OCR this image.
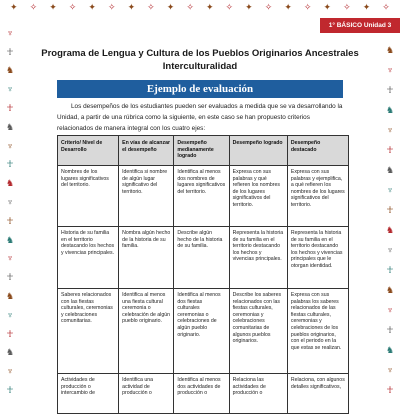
✦ ✧ ✦ ✧ ✦ ✧ ✦ ✧ ✦ ✧ ✦ ✧ ✦ ✧ ✦ ✧ ✦ ✧ ✦ ✧
1° BÁSICO Unidad 3
♆
☥
♞
♆
☥
♞
♆
☥
♞
♆
☥
♞
♆
☥
♞
♆
☥
♞
♆
☥
♞
♆
☥
♞
♆
☥
♞
♆
☥
♞
♆
☥
♞
♆
☥
♞
♆
☥
Programa de Lengua y Cultura de los Pueblos Originarios Ancestrales
Interculturalidad
Ejemplo de evaluación
Los desempeños de los estudiantes pueden ser evaluados a medida que se va desarrollando la Unidad, a partir de una rúbrica como la siguiente, en este caso se han propuesto criterios relacionados de manera integral con los cuatro ejes:
Criterio/ Nivel de Desarrollo	En vías de alcanzar el desempeño	Desempeño medianamente logrado	Desempeño logrado	Desempeño destacado
Nombres de los lugares significativos del territorio.	Identifica si nombre de algún lugar significativo del territorio.	Identifica al menos dos nombres de lugares significativos del territorio.	Expresa con sus palabras y qué refieren los nombres de los lugares significativos del territorio.	Expresa con sus palabras y ejemplifica, a qué refieren los nombres de los lugares significativos del territorio.
Historia de su familia en el territorio destacando los hechos y vivencias principales.	Nombra algún hecho de la historia de su familia.	Describe algún hecho de la historia de su familia.	Representa la historia de su familia en el territorio destacando los hechos y vivencias principales.	Representa la historia de su familia en el territorio destacando los hechos y vivencias principales que le otorgan identidad.
Saberes relacionados con las fiestas culturales, ceremonias y celebraciones comunitarias.	Identifica al menos una fiesta cultural ceremonia o celebración de algún pueblo originario.	Identifica al menos dos fiestas culturales ceremonias o celebraciones de algún pueblo originario.	Describe los saberes relacionados con las fiestas culturales, ceremonias y celebraciones comunitarias de algunos pueblos originarios.	Expresa con sus palabras los saberes relacionados de las fiestas culturales, ceremonias y celebraciones de los pueblos originarios, con el periodo en la que estas se realizan.
Actividades de producción o intercambio de	Identifica una actividad de producción o	Identifica al menos dos actividades de producción o	Relaciona las actividades de producción o	Relaciona, con algunos detalles significativos,
